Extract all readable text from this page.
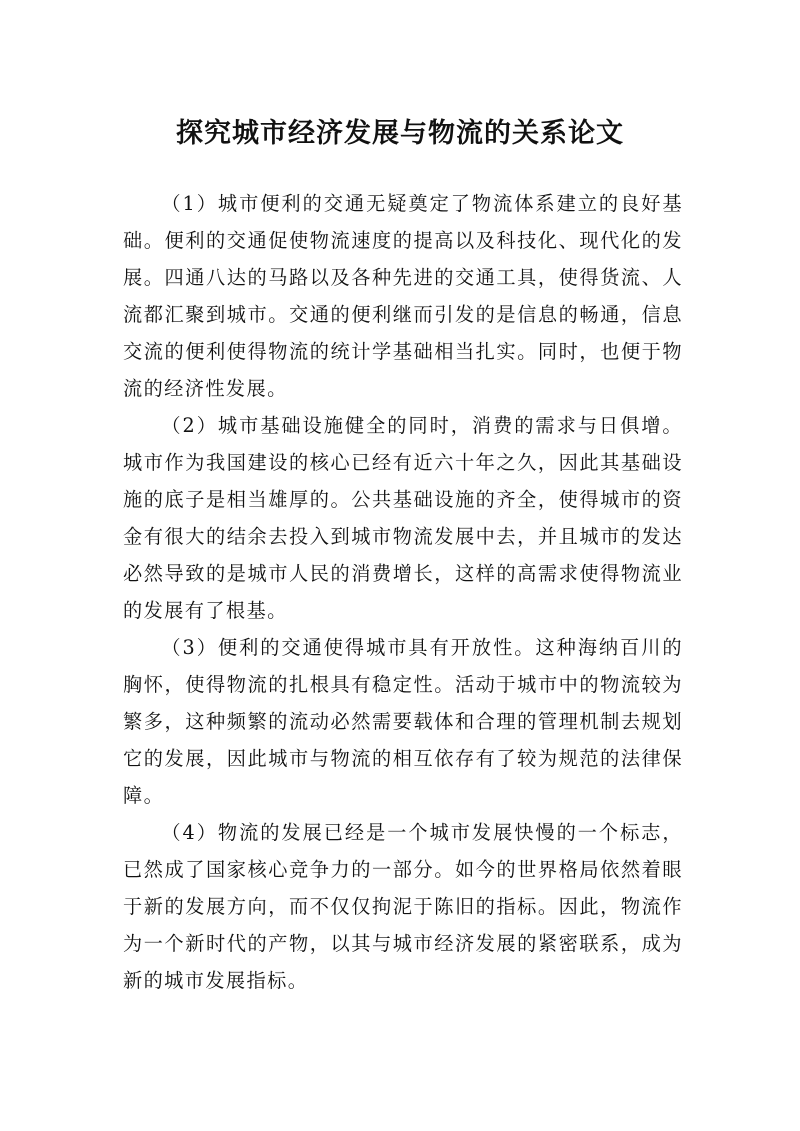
探究城市经济发展与物流的关系论文

（1）城市便利的交通无疑奠定了物流体系建立的良好基础。便利的交通促使物流速度的提高以及科技化、现代化的发展。四通八达的马路以及各种先进的交通工具，使得货流、人流都汇聚到城市。交通的便利继而引发的是信息的畅通，信息交流的便利使得物流的统计学基础相当扎实。同时，也便于物流的经济性发展。

（2）城市基础设施健全的同时，消费的需求与日俱增。城市作为我国建设的核心已经有近六十年之久，因此其基础设施的底子是相当雄厚的。公共基础设施的齐全，使得城市的资金有很大的结余去投入到城市物流发展中去，并且城市的发达必然导致的是城市人民的消费增长，这样的高需求使得物流业的发展有了根基。

（3）便利的交通使得城市具有开放性。这种海纳百川的胸怀，使得物流的扎根具有稳定性。活动于城市中的物流较为繁多，这种频繁的流动必然需要载体和合理的管理机制去规划它的发展，因此城市与物流的相互依存有了较为规范的法律保障。

（4）物流的发展已经是一个城市发展快慢的一个标志，已然成了国家核心竞争力的一部分。如今的世界格局依然着眼于新的发展方向，而不仅仅拘泥于陈旧的指标。因此，物流作为一个新时代的产物，以其与城市经济发展的紧密联系，成为新的城市发展指标。
